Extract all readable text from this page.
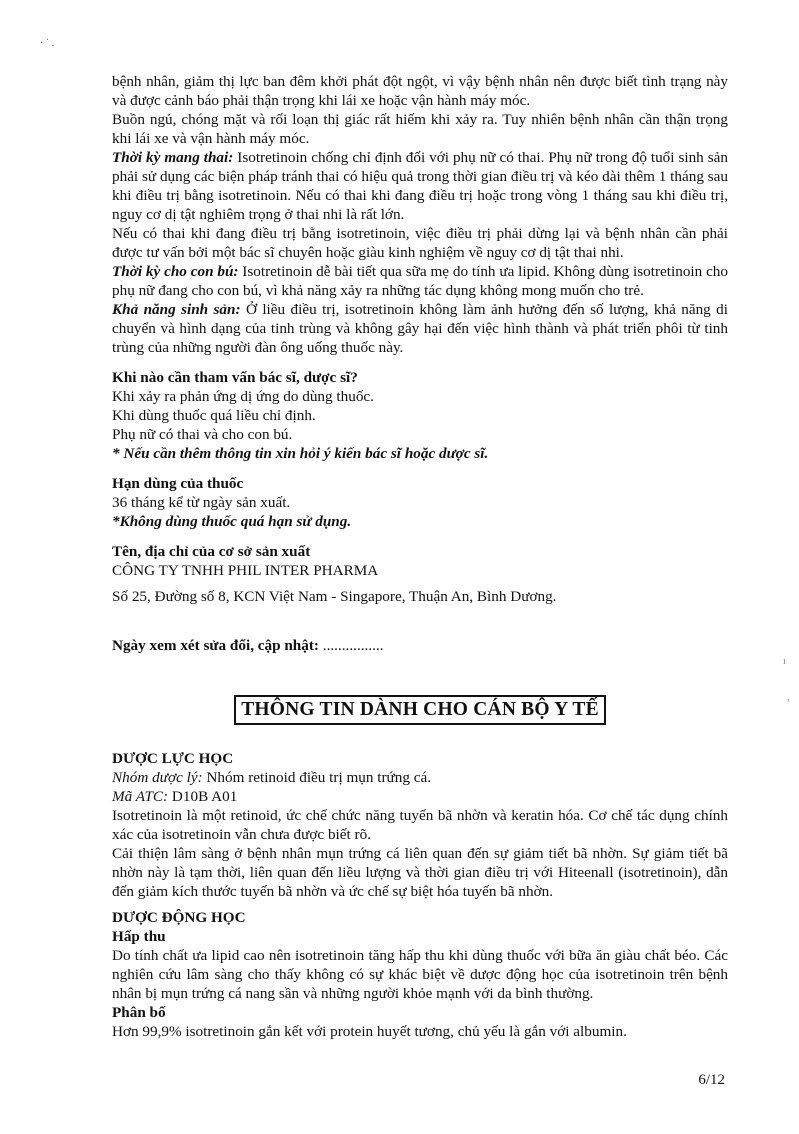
· ˙ .
ı
,

bệnh nhân, giảm thị lực ban đêm khởi phát đột ngột, vì vậy bệnh nhân nên được biết tình trạng này và được cảnh báo phải thận trọng khi lái xe hoặc vận hành máy móc.

Buồn ngủ, chóng mặt và rối loạn thị giác rất hiếm khi xảy ra. Tuy nhiên bệnh nhân cần thận trọng khi lái xe và vận hành máy móc.

Thời kỳ mang thai: Isotretinoin chống chỉ định đối với phụ nữ có thai. Phụ nữ trong độ tuổi sinh sản phải sử dụng các biện pháp tránh thai có hiệu quả trong thời gian điều trị và kéo dài thêm 1 tháng sau khi điều trị bằng isotretinoin. Nếu có thai khi đang điều trị hoặc trong vòng 1 tháng sau khi điều trị, nguy cơ dị tật nghiêm trọng ở thai nhi là rất lớn.

Nếu có thai khi đang điều trị bằng isotretinoin, việc điều trị phải dừng lại và bệnh nhân cần phải được tư vấn bởi một bác sĩ chuyên hoặc giàu kinh nghiệm về nguy cơ dị tật thai nhi.

Thời kỳ cho con bú: Isotretinoin dễ bài tiết qua sữa mẹ do tính ưa lipid. Không dùng isotretinoin cho phụ nữ đang cho con bú, vì khả năng xảy ra những tác dụng không mong muốn cho trẻ.

Khả năng sinh sản: Ở liều điều trị, isotretinoin không làm ảnh hưởng đến số lượng, khả năng di chuyển và hình dạng của tinh trùng và không gây hại đến việc hình thành và phát triển phôi từ tinh trùng của những người đàn ông uống thuốc này.

Khi nào cần tham vấn bác sĩ, dược sĩ?

Khi xảy ra phản ứng dị ứng do dùng thuốc.

Khi dùng thuốc quá liều chỉ định.

Phụ nữ có thai và cho con bú.

* Nếu cần thêm thông tin xin hỏi ý kiến bác sĩ hoặc dược sĩ.

Hạn dùng của thuốc

36 tháng kể từ ngày sản xuất.

*Không dùng thuốc quá hạn sử dụng.

Tên, địa chỉ của cơ sở sản xuất

CÔNG TY TNHH PHIL INTER PHARMA

Số 25, Đường số 8, KCN Việt Nam - Singapore, Thuận An, Bình Dương.

Ngày xem xét sửa đổi, cập nhật: ................

THÔNG TIN DÀNH CHO CÁN BỘ Y TẾ

DƯỢC LỰC HỌC

Nhóm dược lý: Nhóm retinoid điều trị mụn trứng cá.

Mã ATC: D10B A01

Isotretinoin là một retinoid, ức chế chức năng tuyến bã nhờn và keratin hóa. Cơ chế tác dụng chính xác của isotretinoin vẫn chưa được biết rõ.

Cải thiện lâm sàng ở bệnh nhân mụn trứng cá liên quan đến sự giảm tiết bã nhờn. Sự giảm tiết bã nhờn này là tạm thời, liên quan đến liều lượng và thời gian điều trị với Hiteenall (isotretinoin), dẫn đến giảm kích thước tuyến bã nhờn và ức chế sự biệt hóa tuyến bã nhờn.

DƯỢC ĐỘNG HỌC

Hấp thu

Do tính chất ưa lipid cao nên isotretinoin tăng hấp thu khi dùng thuốc với bữa ăn giàu chất béo. Các nghiên cứu lâm sàng cho thấy không có sự khác biệt về dược động học của isotretinoin trên bệnh nhân bị mụn trứng cá nang sần và những người khỏe mạnh với da bình thường.

Phân bố

Hơn 99,9% isotretinoin gắn kết với protein huyết tương, chủ yếu là gắn với albumin.

6/12
